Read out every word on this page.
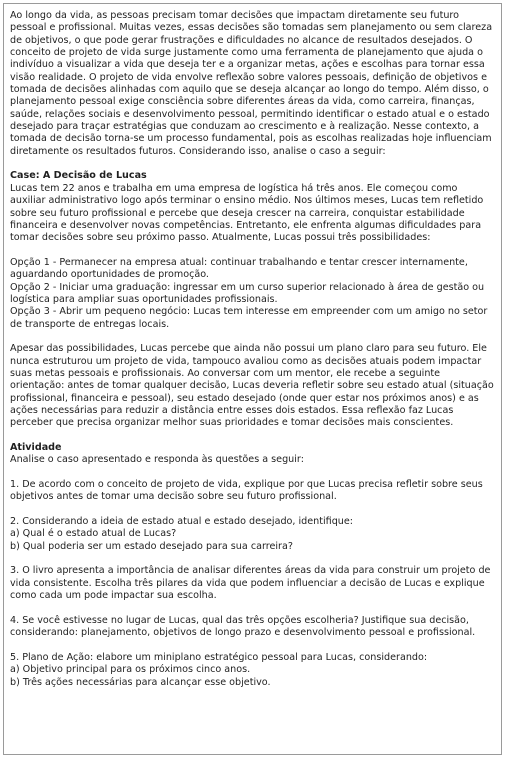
Ao longo da vida, as pessoas precisam tomar decisões que impactam diretamente seu futuro pessoal e profissional. Muitas vezes, essas decisões são tomadas sem planejamento ou sem clareza de objetivos, o que pode gerar frustrações e dificuldades no alcance de resultados desejados. O conceito de projeto de vida surge justamente como uma ferramenta de planejamento que ajuda o indivíduo a visualizar a vida que deseja ter e a organizar metas, ações e escolhas para tornar essa visão realidade. O projeto de vida envolve reflexão sobre valores pessoais, definição de objetivos e tomada de decisões alinhadas com aquilo que se deseja alcançar ao longo do tempo. Além disso, o planejamento pessoal exige consciência sobre diferentes áreas da vida, como carreira, finanças, saúde, relações sociais e desenvolvimento pessoal, permitindo identificar o estado atual e o estado desejado para traçar estratégias que conduzam ao crescimento e à realização. Nesse contexto, a tomada de decisão torna-se um processo fundamental, pois as escolhas realizadas hoje influenciam diretamente os resultados futuros. Considerando isso, analise o caso a seguir:

Case: A Decisão de Lucas

Lucas tem 22 anos e trabalha em uma empresa de logística há três anos. Ele começou como auxiliar administrativo logo após terminar o ensino médio. Nos últimos meses, Lucas tem refletido sobre seu futuro profissional e percebe que deseja crescer na carreira, conquistar estabilidade financeira e desenvolver novas competências. Entretanto, ele enfrenta algumas dificuldades para tomar decisões sobre seu próximo passo. Atualmente, Lucas possui três possibilidades:

Opção 1 - Permanecer na empresa atual: continuar trabalhando e tentar crescer internamente, aguardando oportunidades de promoção.

Opção 2 - Iniciar uma graduação: ingressar em um curso superior relacionado à área de gestão ou logística para ampliar suas oportunidades profissionais.

Opção 3 - Abrir um pequeno negócio: Lucas tem interesse em empreender com um amigo no setor de transporte de entregas locais.

Apesar das possibilidades, Lucas percebe que ainda não possui um plano claro para seu futuro. Ele nunca estruturou um projeto de vida, tampouco avaliou como as decisões atuais podem impactar suas metas pessoais e profissionais. Ao conversar com um mentor, ele recebe a seguinte orientação: antes de tomar qualquer decisão, Lucas deveria refletir sobre seu estado atual (situação profissional, financeira e pessoal), seu estado desejado (onde quer estar nos próximos anos) e as ações necessárias para reduzir a distância entre esses dois estados. Essa reflexão faz Lucas perceber que precisa organizar melhor suas prioridades e tomar decisões mais conscientes.

Atividade

Analise o caso apresentado e responda às questões a seguir:

1. De acordo com o conceito de projeto de vida, explique por que Lucas precisa refletir sobre seus objetivos antes de tomar uma decisão sobre seu futuro profissional.

2. Considerando a ideia de estado atual e estado desejado, identifique:

a) Qual é o estado atual de Lucas?

b) Qual poderia ser um estado desejado para sua carreira?

3. O livro apresenta a importância de analisar diferentes áreas da vida para construir um projeto de vida consistente. Escolha três pilares da vida que podem influenciar a decisão de Lucas e explique como cada um pode impactar sua escolha.

4. Se você estivesse no lugar de Lucas, qual das três opções escolheria? Justifique sua decisão, considerando: planejamento, objetivos de longo prazo e desenvolvimento pessoal e profissional.

5. Plano de Ação: elabore um miniplano estratégico pessoal para Lucas, considerando:

a) Objetivo principal para os próximos cinco anos.

b) Três ações necessárias para alcançar esse objetivo.
